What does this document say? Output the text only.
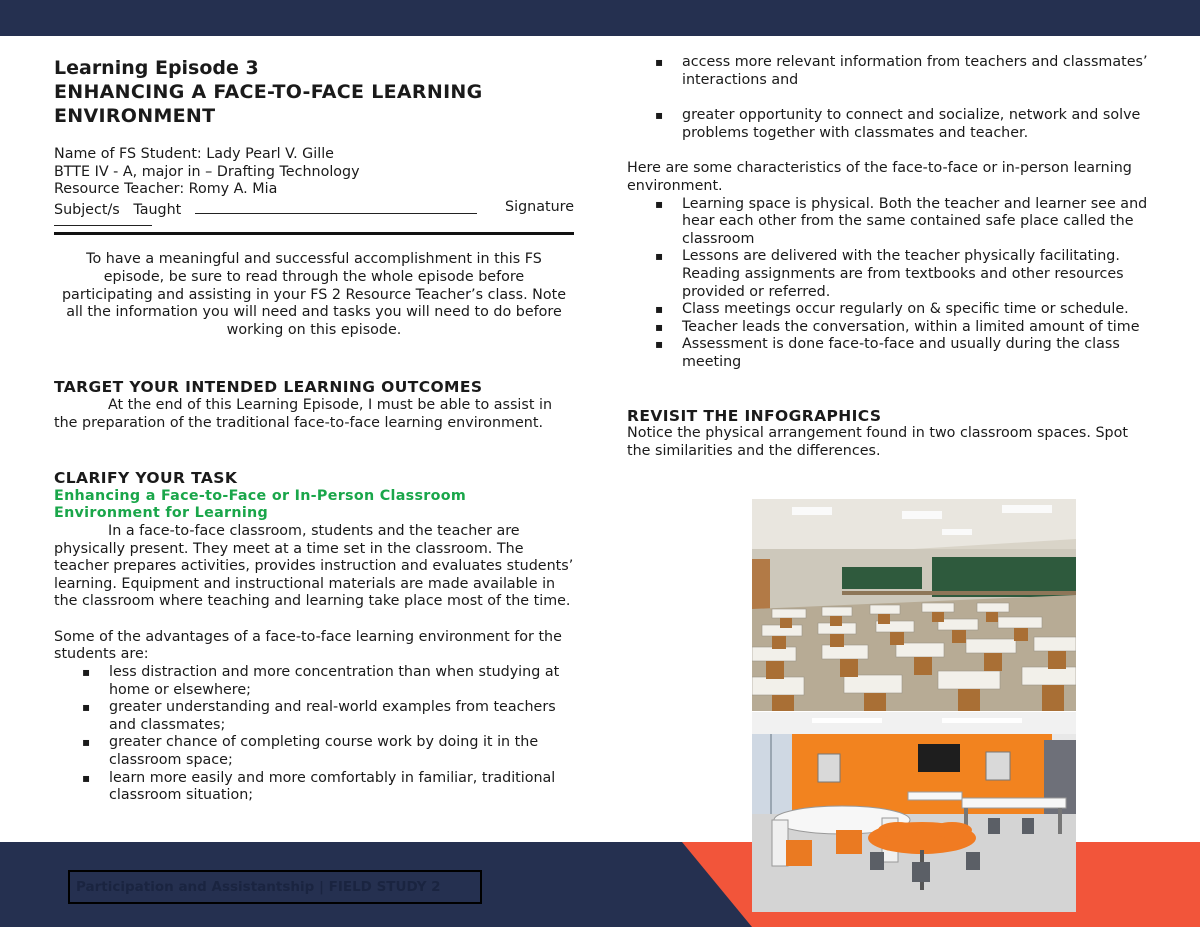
Learning Episode 3
ENHANCING A FACE-TO-FACE LEARNING
ENVIRONMENT

Name of FS Student: Lady Pearl V. Gille

BTTE IV - A, major in – Drafting Technology

Resource Teacher: Romy A. Mia

Subject/s   Taught	Signature

To have a meaningful and successful accomplishment in this FS episode, be sure to read through the whole episode before participating and assisting in your FS 2 Resource Teacher’s class. Note all the information you will need and tasks you will need to do before working on this episode.

TARGET YOUR INTENDED LEARNING OUTCOMES

At the end of this Learning Episode, I must be able to assist in the preparation of the traditional face-to-face learning environment.

CLARIFY YOUR TASK
Enhancing a Face-to-Face or In-Person Classroom Environment for Learning

In a face-to-face classroom, students and the teacher are physically present. They meet at a time set in the classroom. The teacher prepares activities, provides instruction and evaluates students’ learning. Equipment and instructional materials are made available in the classroom where teaching and learning take place most of the time.

Some of the advantages of a face-to-face learning environment for the students are:

▪ less distraction and more concentration than when studying at home or elsewhere;
▪ greater understanding and real-world examples from teachers and classmates;
▪ greater chance of completing course work by doing it in the classroom space;
▪ learn more easily and more comfortably in familiar, traditional classroom situation;
▪ access more relevant information from teachers and classmates’ interactions and
▪ greater opportunity to connect and socialize, network and solve problems together with classmates and teacher.

Here are some characteristics of the face-to-face or in-person learning environment.

▪ Learning space is physical. Both the teacher and learner see and hear each other from the same contained safe place called the classroom
▪ Lessons are delivered with the teacher physically facilitating. Reading assignments are from textbooks and other resources provided or referred.
▪ Class meetings occur regularly on & specific time or schedule.
▪ Teacher leads the conversation, within a limited amount of time
▪ Assessment is done face-to-face and usually during the class meeting
REVISIT THE INFOGRAPHICS

Notice the physical arrangement found in two classroom spaces. Spot the similarities and the differences.

Participation and Assistantship | FIELD STUDY 2
